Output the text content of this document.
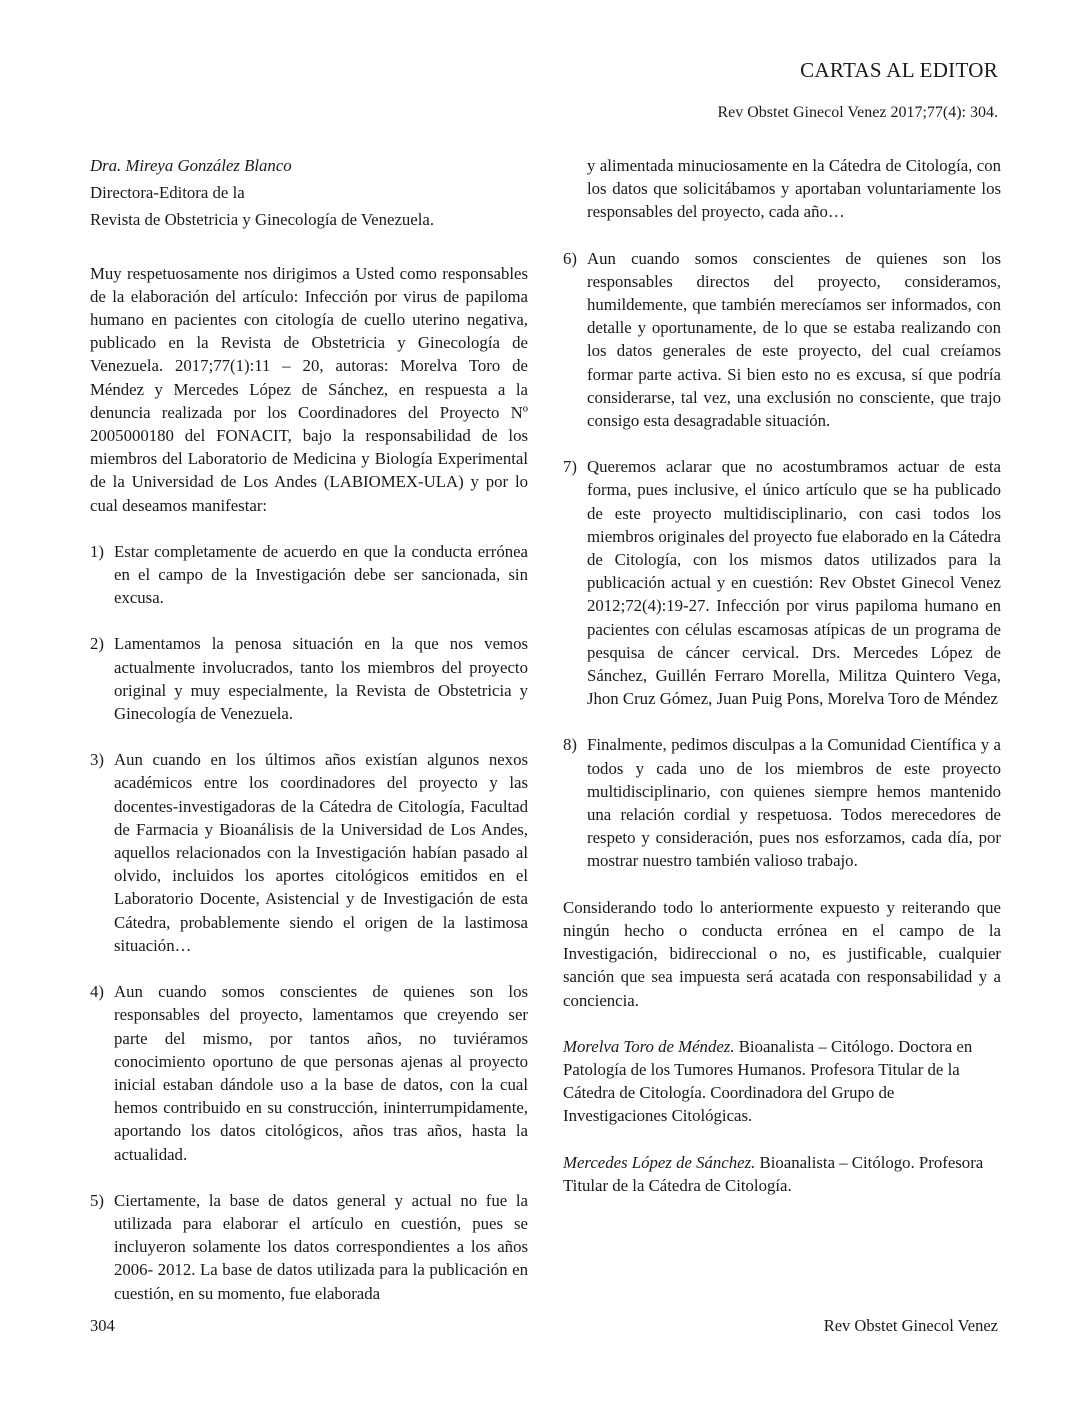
CARTAS AL EDITOR
Rev Obstet Ginecol Venez 2017;77(4): 304.
Dra. Mireya González Blanco
Directora-Editora de la
Revista de Obstetricia y Ginecología de Venezuela.

Muy respetuosamente nos dirigimos a Usted como responsables de la elaboración del artículo: Infección por virus de papiloma humano en pacientes con citología de cuello uterino negativa, publicado en la Revista de Obstetricia y Ginecología de Venezuela. 2017;77(1):11 – 20, autoras: Morelva Toro de Méndez y Mercedes López de Sánchez, en respuesta a la denuncia realizada por los Coordinadores del Proyecto Nº 2005000180 del FONACIT, bajo la responsabilidad de los miembros del Laboratorio de Medicina y Biología Experimental de la Universidad de Los Andes (LABIOMEX-ULA) y por lo cual deseamos manifestar:

1) Estar completamente de acuerdo en que la conducta errónea en el campo de la Investigación debe ser sancionada, sin excusa.
2) Lamentamos la penosa situación en la que nos vemos actualmente involucrados, tanto los miembros del proyecto original y muy especialmente, la Revista de Obstetricia y Ginecología de Venezuela.
3) Aun cuando en los últimos años existían algunos nexos académicos entre los coordinadores del proyecto y las docentes-investigadoras de la Cátedra de Citología, Facultad de Farmacia y Bioanálisis de la Universidad de Los Andes, aquellos relacionados con la Investigación habían pasado al olvido, incluidos los aportes citológicos emitidos en el Laboratorio Docente, Asistencial y de Investigación de esta Cátedra, probablemente siendo el origen de la lastimosa situación…
4) Aun cuando somos conscientes de quienes son los responsables del proyecto, lamentamos que creyendo ser parte del mismo, por tantos años, no tuviéramos conocimiento oportuno de que personas ajenas al proyecto inicial estaban dándole uso a la base de datos, con la cual hemos contribuido en su construcción, ininterrumpidamente, aportando los datos citológicos, años tras años, hasta la actualidad.
5) Ciertamente, la base de datos general y actual no fue la utilizada para elaborar el artículo en cuestión, pues se incluyeron solamente los datos correspondientes a los años 2006- 2012. La base de datos utilizada para la publicación en cuestión, en su momento, fue elaborada

y alimentada minuciosamente en la Cátedra de Citología, con los datos que solicitábamos y aportaban voluntariamente los responsables del proyecto, cada año…

6) Aun cuando somos conscientes de quienes son los responsables directos del proyecto, consideramos, humildemente, que también merecíamos ser informados, con detalle y oportunamente, de lo que se estaba realizando con los datos generales de este proyecto, del cual creíamos formar parte activa. Si bien esto no es excusa, sí que podría considerarse, tal vez, una exclusión no consciente, que trajo consigo esta desagradable situación.
7) Queremos aclarar que no acostumbramos actuar de esta forma, pues inclusive, el único artículo que se ha publicado de este proyecto multidisciplinario, con casi todos los miembros originales del proyecto fue elaborado en la Cátedra de Citología, con los mismos datos utilizados para la publicación actual y en cuestión: Rev Obstet Ginecol Venez 2012;72(4):19-27. Infección por virus papiloma humano en pacientes con células escamosas atípicas de un programa de pesquisa de cáncer cervical. Drs. Mercedes López de Sánchez, Guillén Ferraro Morella, Militza Quintero Vega, Jhon Cruz Gómez, Juan Puig Pons, Morelva Toro de Méndez
8) Finalmente, pedimos disculpas a la Comunidad Científica y a todos y cada uno de los miembros de este proyecto multidisciplinario, con quienes siempre hemos mantenido una relación cordial y respetuosa. Todos merecedores de respeto y consideración, pues nos esforzamos, cada día, por mostrar nuestro también valioso trabajo.

Considerando todo lo anteriormente expuesto y reiterando que ningún hecho o conducta errónea en el campo de la Investigación, bidireccional o no, es justificable, cualquier sanción que sea impuesta será acatada con responsabilidad y a conciencia.

Morelva Toro de Méndez. Bioanalista – Citólogo. Doctora en Patología de los Tumores Humanos. Profesora Titular de la Cátedra de Citología. Coordinadora del Grupo de Investigaciones Citológicas.

Mercedes López de Sánchez. Bioanalista – Citólogo. Profesora Titular de la Cátedra de Citología.

304	Rev Obstet Ginecol Venez
